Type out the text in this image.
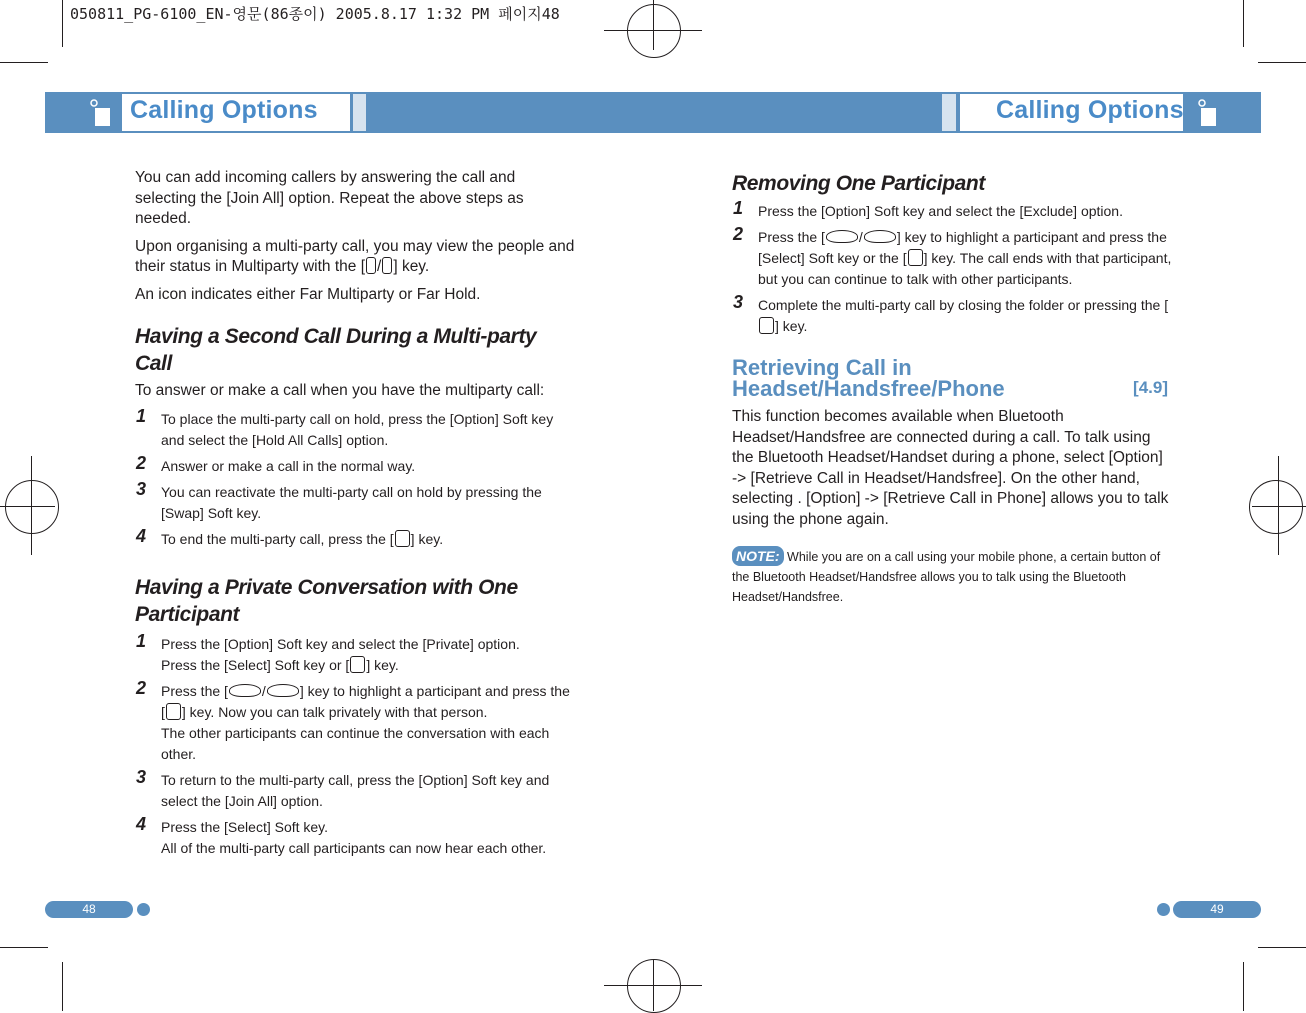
050811_PG-6100_EN-영문(86종이) 2005.8.17 1:32 PM 페이지48
Calling Options	Calling Options

You can add incoming callers by answering the call and selecting the [Join All] option. Repeat the above steps as needed.

Upon organising a multi-party call, you may view the people and their status in Multiparty with the [ / ] key.

An icon indicates either Far Multiparty or Far Hold.

Having a Second Call During a Multi-party Call

To answer or make a call when you have the multiparty call:

1 To place the multi-party call on hold, press the [Option] Soft key and select the [Hold All Calls] option.
2 Answer or make a call in the normal way.
3 You can reactivate the multi-party call on hold by pressing the [Swap] Soft key.
4 To end the multi-party call, press the [ ] key.
Having a Private Conversation with One
Participant
1 Press the [Option] Soft key and select the [Private] option.
Press the [Select] Soft key or [ ] key.
2 Press the [ / ] key to highlight a participant and press the [ ] key. Now you can talk privately with that person.
The other participants can continue the conversation with each other.
3 To return to the multi-party call, press the [Option] Soft key and select the [Join All] option.
4 Press the [Select] Soft key.
All of the multi-party call participants can now hear each other.
Removing One Participant
1 Press the [Option] Soft key and select the [Exclude] option.
2 Press the [ / ] key to highlight a participant and press the [Select] Soft key or the [ ] key. The call ends with that participant, but you can continue to talk with other participants.
3 Complete the multi-party call by closing the folder or pressing the [] key.
Retrieving Call in
Headset/Handsfree/Phone	[4.9]

This function becomes available when Bluetooth Headset/Handsfree are connected during a call. To talk using the Bluetooth Headset/Handset during a phone, select [Option] -> [Retrieve Call in Headset/Handsfree]. On the other hand, selecting . [Option] -> [Retrieve Call in Phone] allows you to talk using the phone again.

NOTE: While you are on a call using your mobile phone, a certain button of the Bluetooth Headset/Handsfree allows you to talk using the Bluetooth Headset/Handsfree.
48	49
